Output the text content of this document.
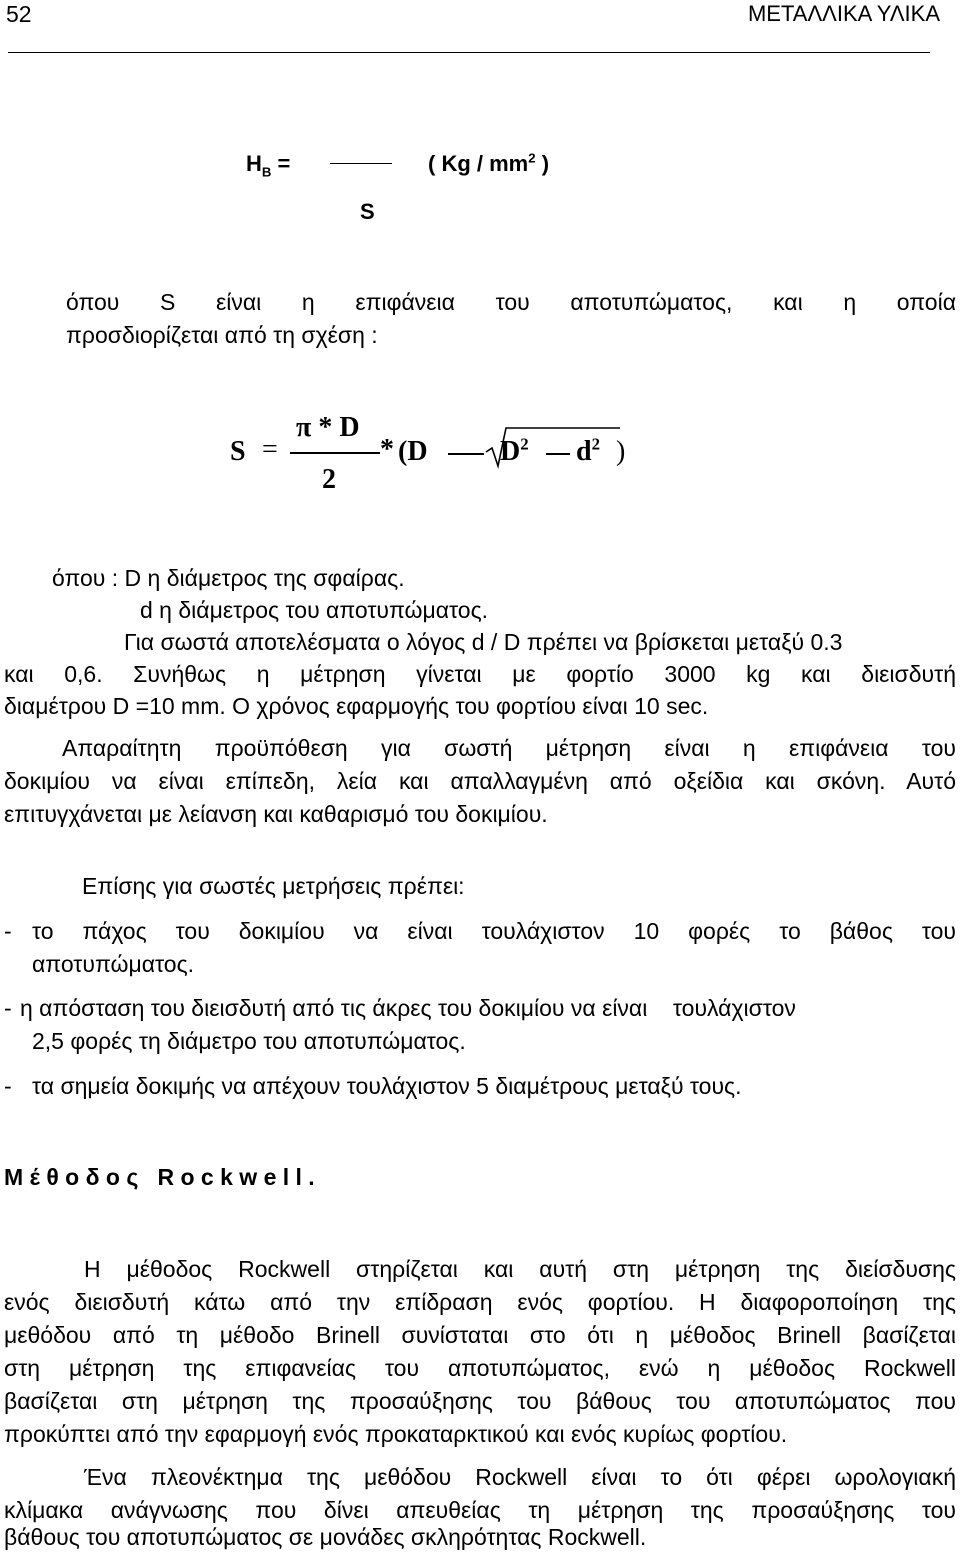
52	ΜΕΤΑΛΛΙΚΑ ΥΛΙΚΑ
$H_B$ =	( Kg / $mm^2$ )
S
όπου S είναι η επιφάνεια του αποτυπώματος, και η οποία
προσδιορίζεται από τη σχέση :
S =
π * D
2
* (D	$D^2$ $d^2$ )
όπου : D η διάμετρος της σφαίρας.
d η διάμετρος του αποτυπώματος.
Για σωστά αποτελέσματα ο λόγος d / D πρέπει να βρίσκεται μεταξύ 0.3
και 0,6. Συνήθως η μέτρηση γίνεται με φορτίο 3000 kg και διεισδυτή
διαμέτρου D =10 mm. Ο χρόνος εφαρμογής του φορτίου είναι 10 sec.
Απαραίτητη προϋπόθεση για σωστή μέτρηση είναι η επιφάνεια του
δοκιμίου να είναι επίπεδη, λεία και απαλλαγμένη από οξείδια και σκόνη. Αυτό
επιτυγχάνεται με λείανση και καθαρισμό του δοκιμίου.
Επίσης για σωστές μετρήσεις πρέπει:
- το πάχος του δοκιμίου να είναι τουλάχιστον 10 φορές το βάθος του
αποτυπώματος.
- η απόσταση του διεισδυτή από τις άκρες του δοκιμίου να είναι    τουλάχιστον
2,5 φορές τη διάμετρο του αποτυπώματος.
- τα σημεία δοκιμής να απέχουν τουλάχιστον 5 διαμέτρους μεταξύ τους.
Μ έ θ ο δ ο ς   R o c k w e l l .
Η μέθοδος Rockwell στηρίζεται και αυτή στη μέτρηση της διείσδυσης
ενός διεισδυτή κάτω από την επίδραση ενός φορτίου. Η διαφοροποίηση της
μεθόδου από τη μέθοδο Brinell συνίσταται στο ότι η μέθοδος Brinell βασίζεται
στη μέτρηση της επιφανείας του αποτυπώματος, ενώ η μέθοδος Rockwell
βασίζεται στη μέτρηση της προσαύξησης του βάθους του αποτυπώματος που
προκύπτει από την εφαρμογή ενός προκαταρκτικού και ενός κυρίως φορτίου.
Ένα πλεονέκτημα της μεθόδου Rockwell είναι το ότι φέρει ωρολογιακή
κλίμακα ανάγνωσης που δίνει απευθείας τη μέτρηση της προσαύξησης του
βάθους του αποτυπώματος σε μονάδες σκληρότητας Rockwell.
